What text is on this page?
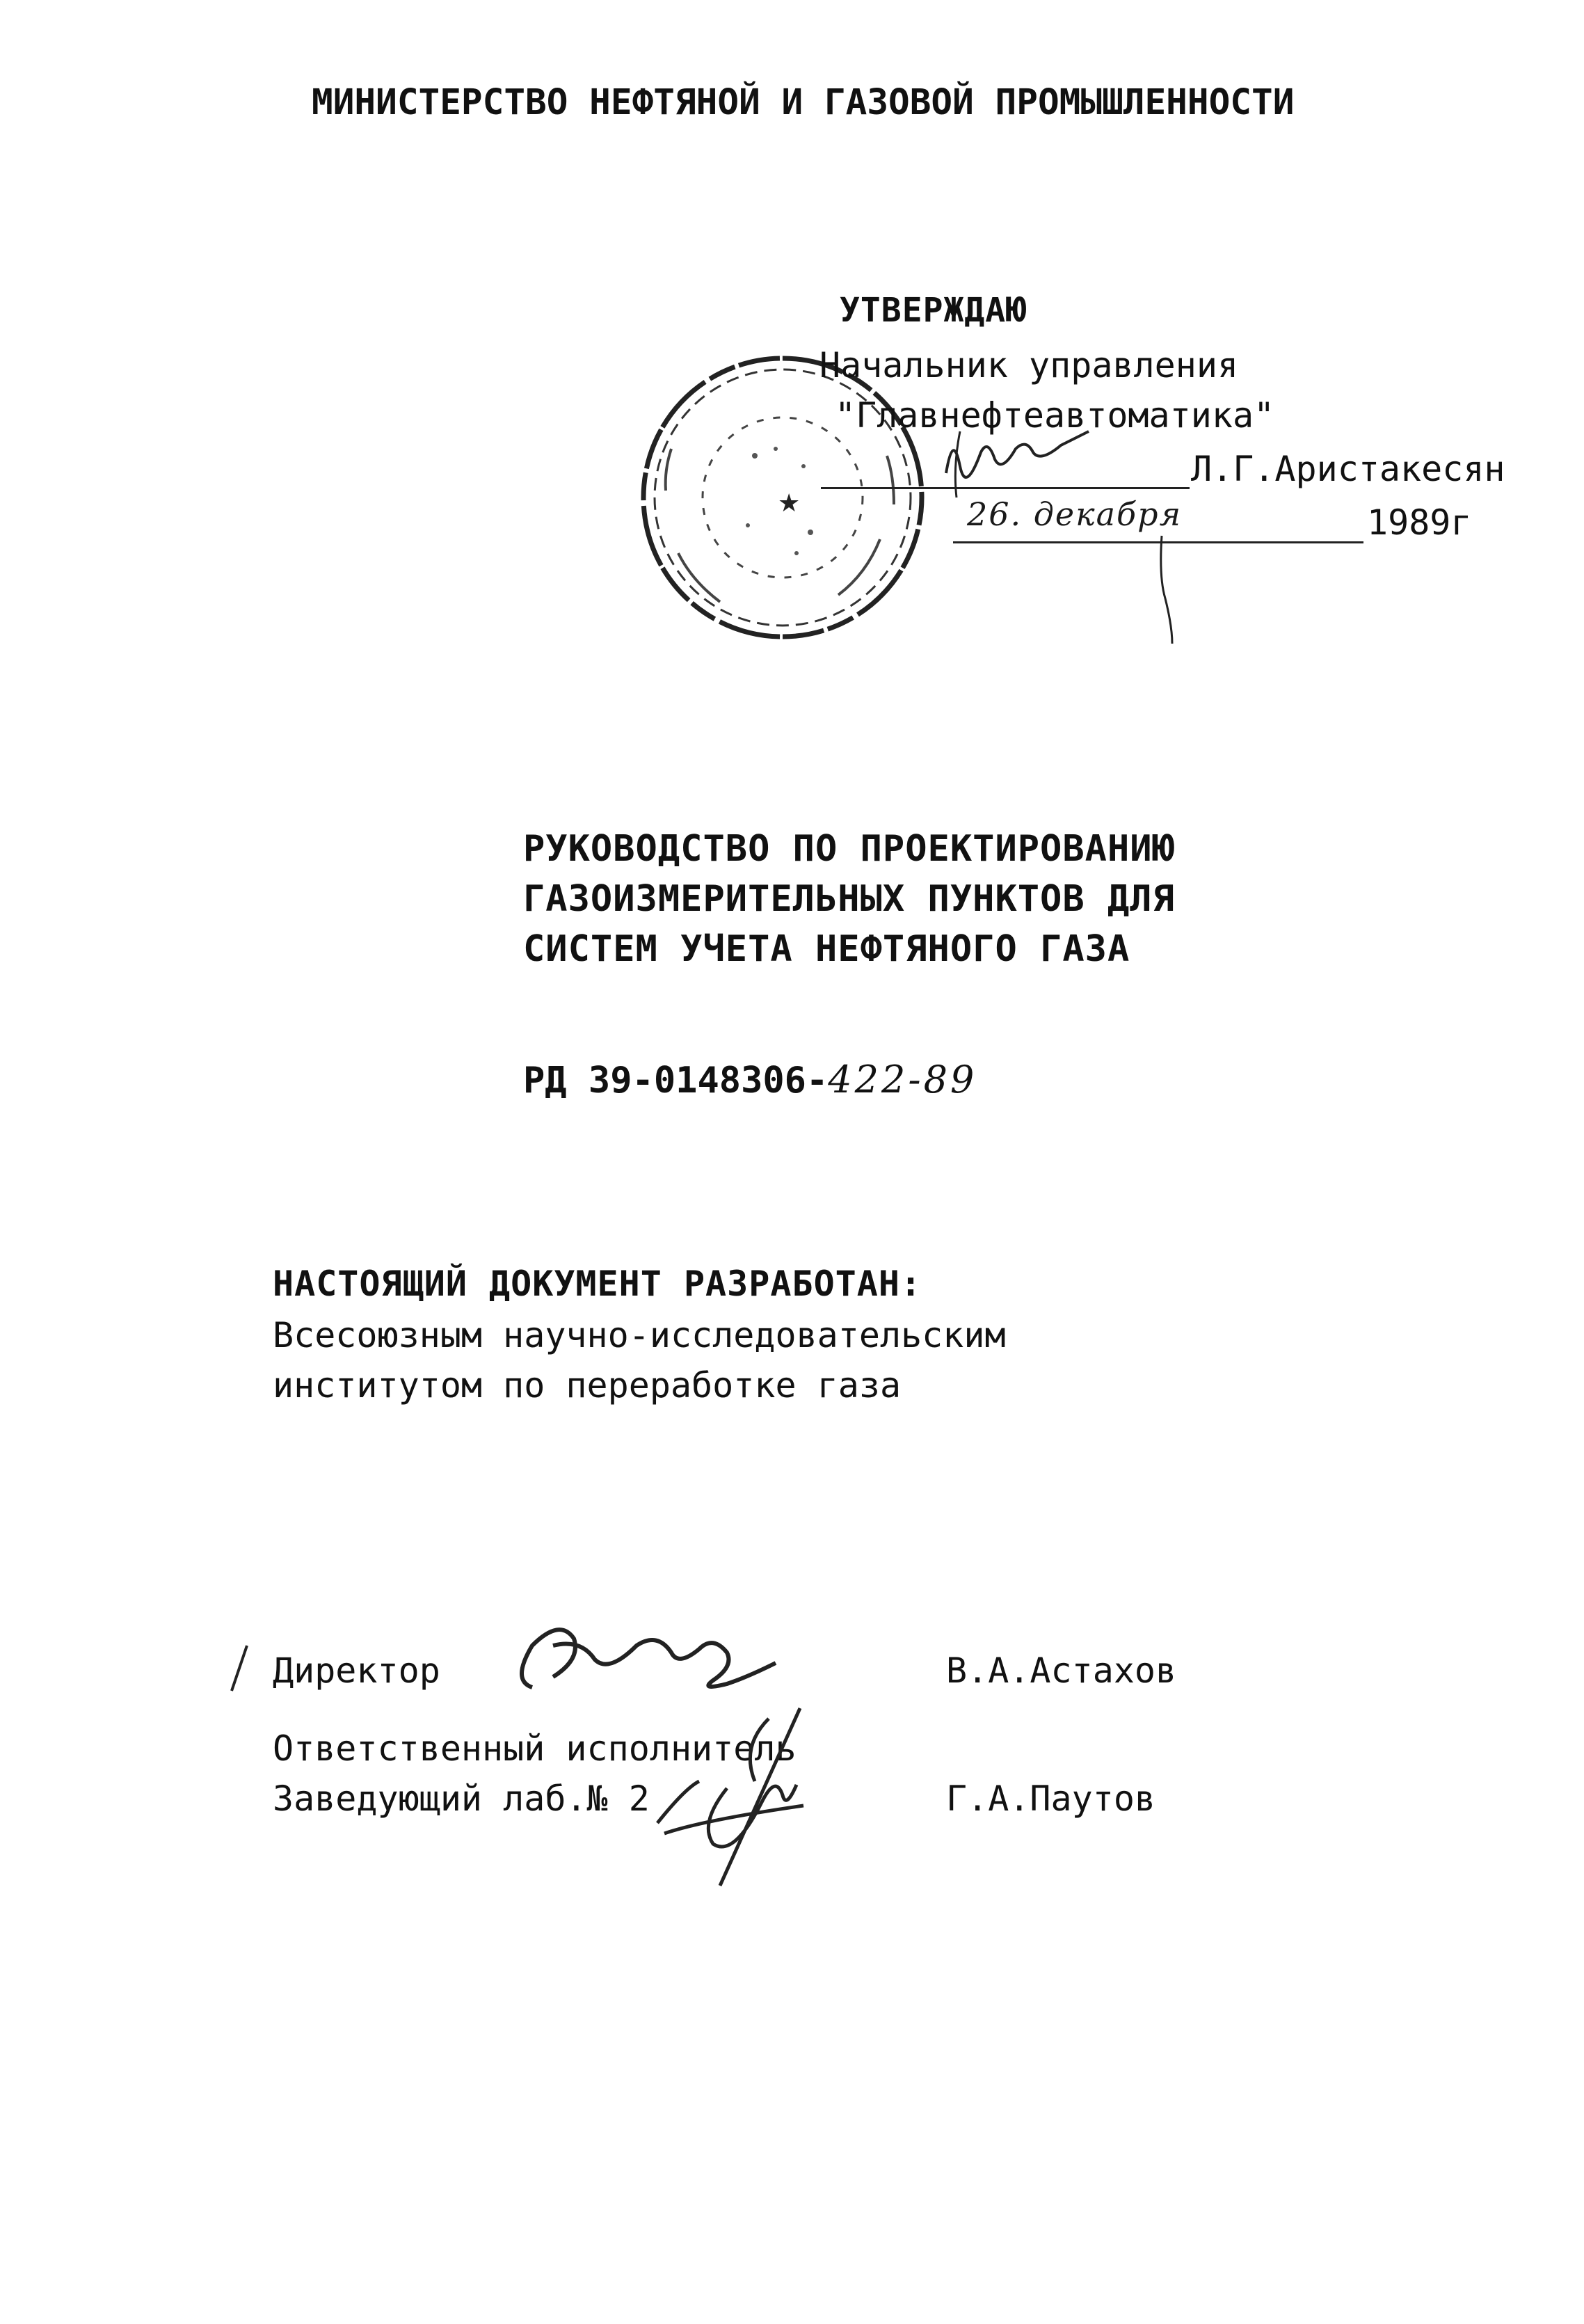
МИНИСТЕРСТВО НЕФТЯНОЙ И ГАЗОВОЙ ПРОМЫШЛЕННОСТИ
★
УТВЕРЖДАЮ
Начальник управления
"Главнефтеавтоматика"
Л.Г.Аристакесян
26. декабря	1989г
РУКОВОДСТВО ПО ПРОЕКТИРОВАНИЮ
ГАЗОИЗМЕРИТЕЛЬНЫХ ПУНКТОВ ДЛЯ
СИСТЕМ УЧЕТА НЕФТЯНОГО ГАЗА
РД 39-0148306-422-89
НАСТОЯЩИЙ ДОКУМЕНТ РАЗРАБОТАН:
Всесоюзным научно-исследовательским
институтом по переработке газа
Директор	В.А.Астахов
Ответственный исполнитель
Заведующий лаб.№ 2	Г.А.Паутов
